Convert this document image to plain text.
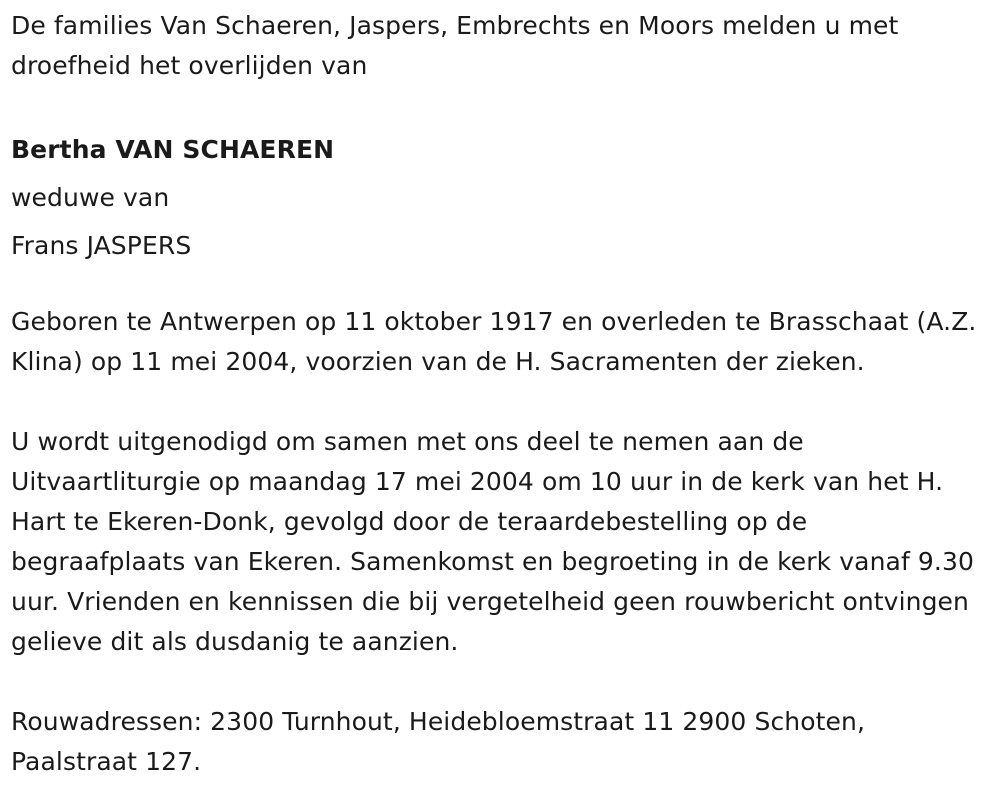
De families Van Schaeren, Jaspers, Embrechts en Moors melden u met droefheid het overlijden van

Bertha VAN SCHAEREN

weduwe van

Frans JASPERS

Geboren te Antwerpen op 11 oktober 1917 en overleden te Brasschaat (A.Z. Klina) op 11 mei 2004, voorzien van de H. Sacramenten der zieken.

U wordt uitgenodigd om samen met ons deel te nemen aan de Uitvaartliturgie op maandag 17 mei 2004 om 10 uur in de kerk van het H. Hart te Ekeren-Donk, gevolgd door de teraardebestelling op de begraafplaats van Ekeren. Samenkomst en begroeting in de kerk vanaf 9.30 uur. Vrienden en kennissen die bij vergetelheid geen rouwbericht ontvingen gelieve dit als dusdanig te aanzien.

Rouwadressen: 2300 Turnhout, Heidebloemstraat 11 2900 Schoten, Paalstraat 127.
